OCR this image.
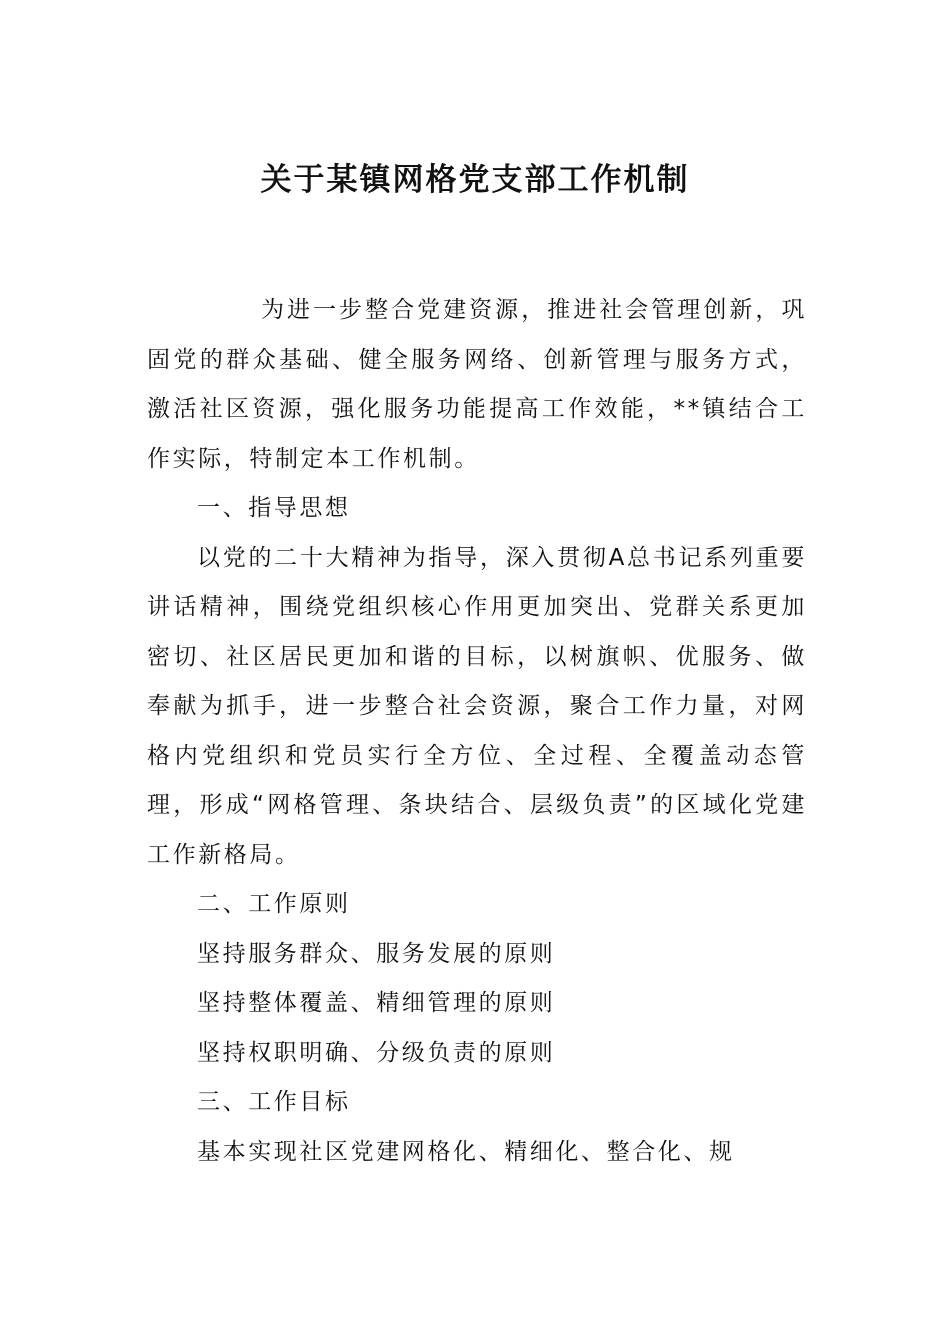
关于某镇网格党支部工作机制

为进一步整合党建资源，推进社会管理创新，巩固党的群众基础、健全服务网络、创新管理与服务方式，激活社区资源，强化服务功能提高工作效能，**镇结合工作实际，特制定本工作机制。

一、指导思想

以党的二十大精神为指导，深入贯彻A总书记系列重要讲话精神，围绕党组织核心作用更加突出、党群关系更加密切、社区居民更加和谐的目标，以树旗帜、优服务、做奉献为抓手，进一步整合社会资源，聚合工作力量，对网格内党组织和党员实行全方位、全过程、全覆盖动态管理，形成“网格管理、条块结合、层级负责”的区域化党建工作新格局。

二、工作原则

坚持服务群众、服务发展的原则

坚持整体覆盖、精细管理的原则

坚持权职明确、分级负责的原则

三、工作目标

基本实现社区党建网格化、精细化、整合化、规
